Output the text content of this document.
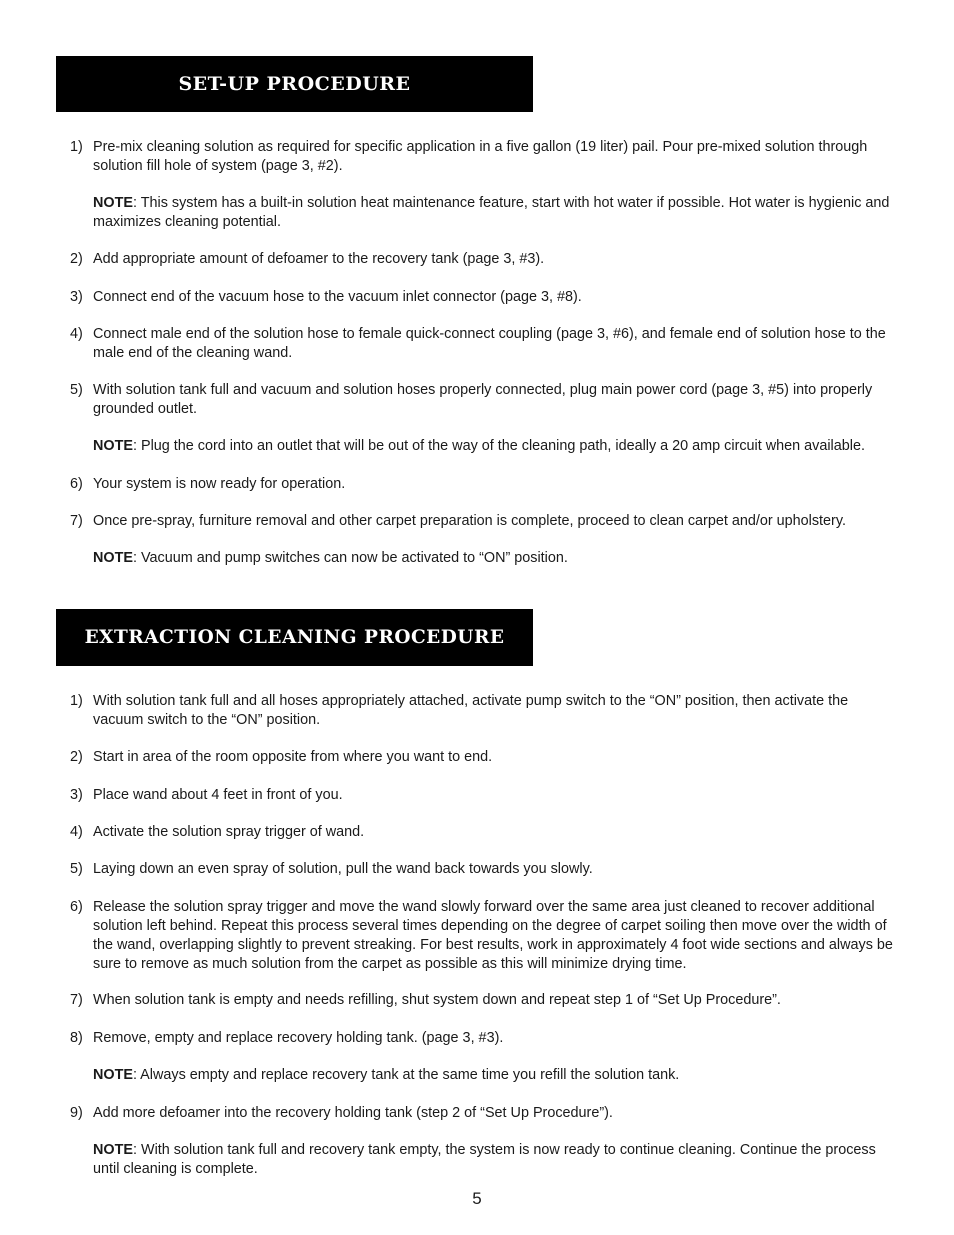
SET-UP PROCEDURE
1) Pre-mix cleaning solution as required for specific application in a five gallon (19 liter) pail. Pour pre-mixed solution through solution fill hole of system (page 3, #2).
NOTE: This system has a built-in solution heat maintenance feature, start with hot water if possible. Hot water is hygienic and maximizes cleaning potential.
2) Add appropriate amount of defoamer to the recovery tank (page 3, #3).
3) Connect end of the vacuum hose to the vacuum inlet connector (page 3, #8).
4) Connect male end of the solution hose to female quick-connect coupling (page 3, #6), and female end of solution hose to the male end of the cleaning wand.
5) With solution tank full and vacuum and solution hoses properly connected, plug main power cord (page 3, #5) into properly grounded outlet.
NOTE: Plug the cord into an outlet that will be out of the way of the cleaning path, ideally a 20 amp circuit when available.
6) Your system is now ready for operation.
7) Once pre-spray, furniture removal and other carpet preparation is complete, proceed to clean carpet and/or upholstery.
NOTE: Vacuum and pump switches can now be activated to “ON” position.
EXTRACTION CLEANING PROCEDURE
1) With solution tank full and all hoses appropriately attached, activate pump switch to the “ON” position, then activate the vacuum switch to the “ON” position.
2) Start in area of the room opposite from where you want to end.
3) Place wand about 4 feet in front of you.
4) Activate the solution spray trigger of wand.
5) Laying down an even spray of solution, pull the wand back towards you slowly.
6) Release the solution spray trigger and move the wand slowly forward over the same area just cleaned to recover additional solution left behind. Repeat this process several times depending on the degree of carpet soiling then move over the width of the wand, overlapping slightly to prevent streaking. For best results, work in approximately 4 foot wide sections and always be sure to remove as much solution from the carpet as possible as this will minimize drying time.
7) When solution tank is empty and needs refilling, shut system down and repeat step 1 of “Set Up Procedure”.
8) Remove, empty and replace recovery holding tank. (page 3, #3).
NOTE: Always empty and replace recovery tank at the same time you refill the solution tank.
9) Add more defoamer into the recovery holding tank (step 2 of “Set Up Procedure”).
NOTE: With solution tank full and recovery tank empty, the system is now ready to continue cleaning. Continue the process until cleaning is complete.
5
